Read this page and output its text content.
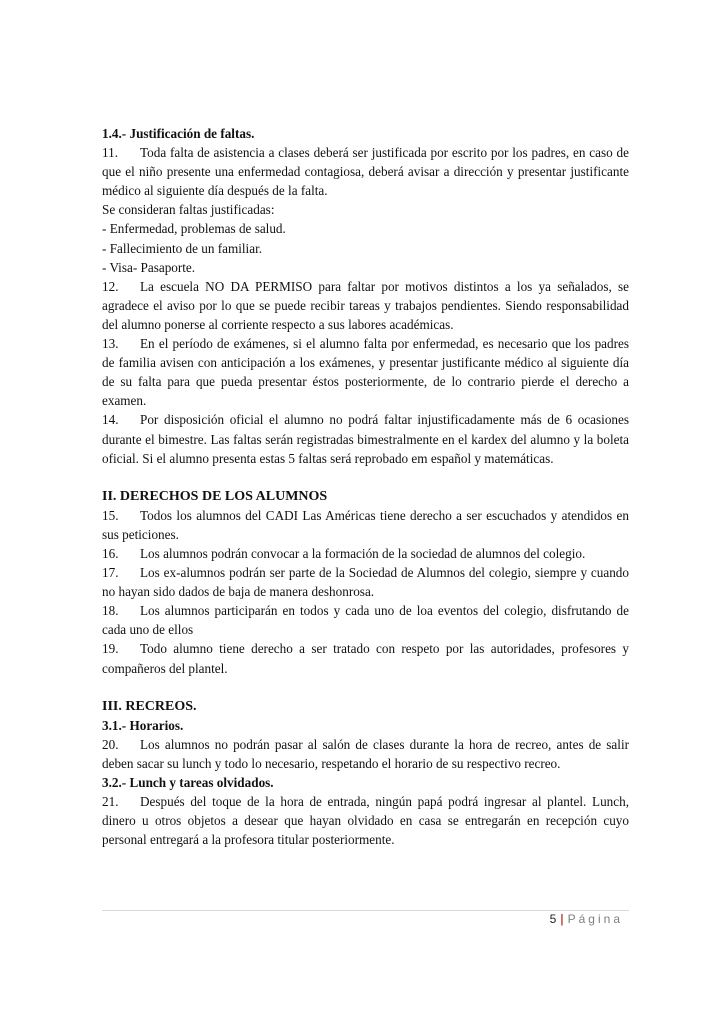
1.4.- Justificación de faltas.

11. Toda falta de asistencia a clases deberá ser justificada por escrito por los padres, en caso de que el niño presente una enfermedad contagiosa, deberá avisar a dirección y presentar justificante médico al siguiente día después de la falta.

Se consideran faltas justificadas:

- Enfermedad, problemas de salud.

- Fallecimiento de un familiar.

- Visa- Pasaporte.

12. La escuela NO DA PERMISO para faltar por motivos distintos a los ya señalados, se agradece el aviso por lo que se puede recibir tareas y trabajos pendientes. Siendo responsabilidad del alumno ponerse al corriente respecto a sus labores académicas.

13. En el período de exámenes, si el alumno falta por enfermedad, es necesario que los padres de familia avisen con anticipación a los exámenes, y presentar justificante médico al siguiente día de su falta para que pueda presentar éstos posteriormente, de lo contrario pierde el derecho a examen.

14. Por disposición oficial el alumno no podrá faltar injustificadamente más de 6 ocasiones durante el bimestre. Las faltas serán registradas bimestralmente en el kardex del alumno y la boleta oficial. Si el alumno presenta estas 5 faltas será reprobado em español y matemáticas.

II. DERECHOS DE LOS ALUMNOS

15. Todos los alumnos del CADI Las Américas tiene derecho a ser escuchados y atendidos en sus peticiones.

16. Los alumnos podrán convocar a la formación de la sociedad de alumnos del colegio.

17. Los ex-alumnos podrán ser parte de la Sociedad de Alumnos del colegio, siempre y cuando no hayan sido dados de baja de manera deshonrosa.

18. Los alumnos participarán en todos y cada uno de loa eventos del colegio, disfrutando de cada uno de ellos

19. Todo alumno tiene derecho a ser tratado con respeto por las autoridades, profesores y compañeros del plantel.

III. RECREOS.

3.1.- Horarios.

20. Los alumnos no podrán pasar al salón de clases durante la hora de recreo, antes de salir deben sacar su lunch y todo lo necesario, respetando el horario de su respectivo recreo.

3.2.- Lunch y tareas olvidados.

21. Después del toque de la hora de entrada, ningún papá podrá ingresar al plantel. Lunch, dinero u otros objetos a desear que hayan olvidado en casa se entregarán en recepción cuyo personal entregará a la profesora titular posteriormente.

5 | Página
